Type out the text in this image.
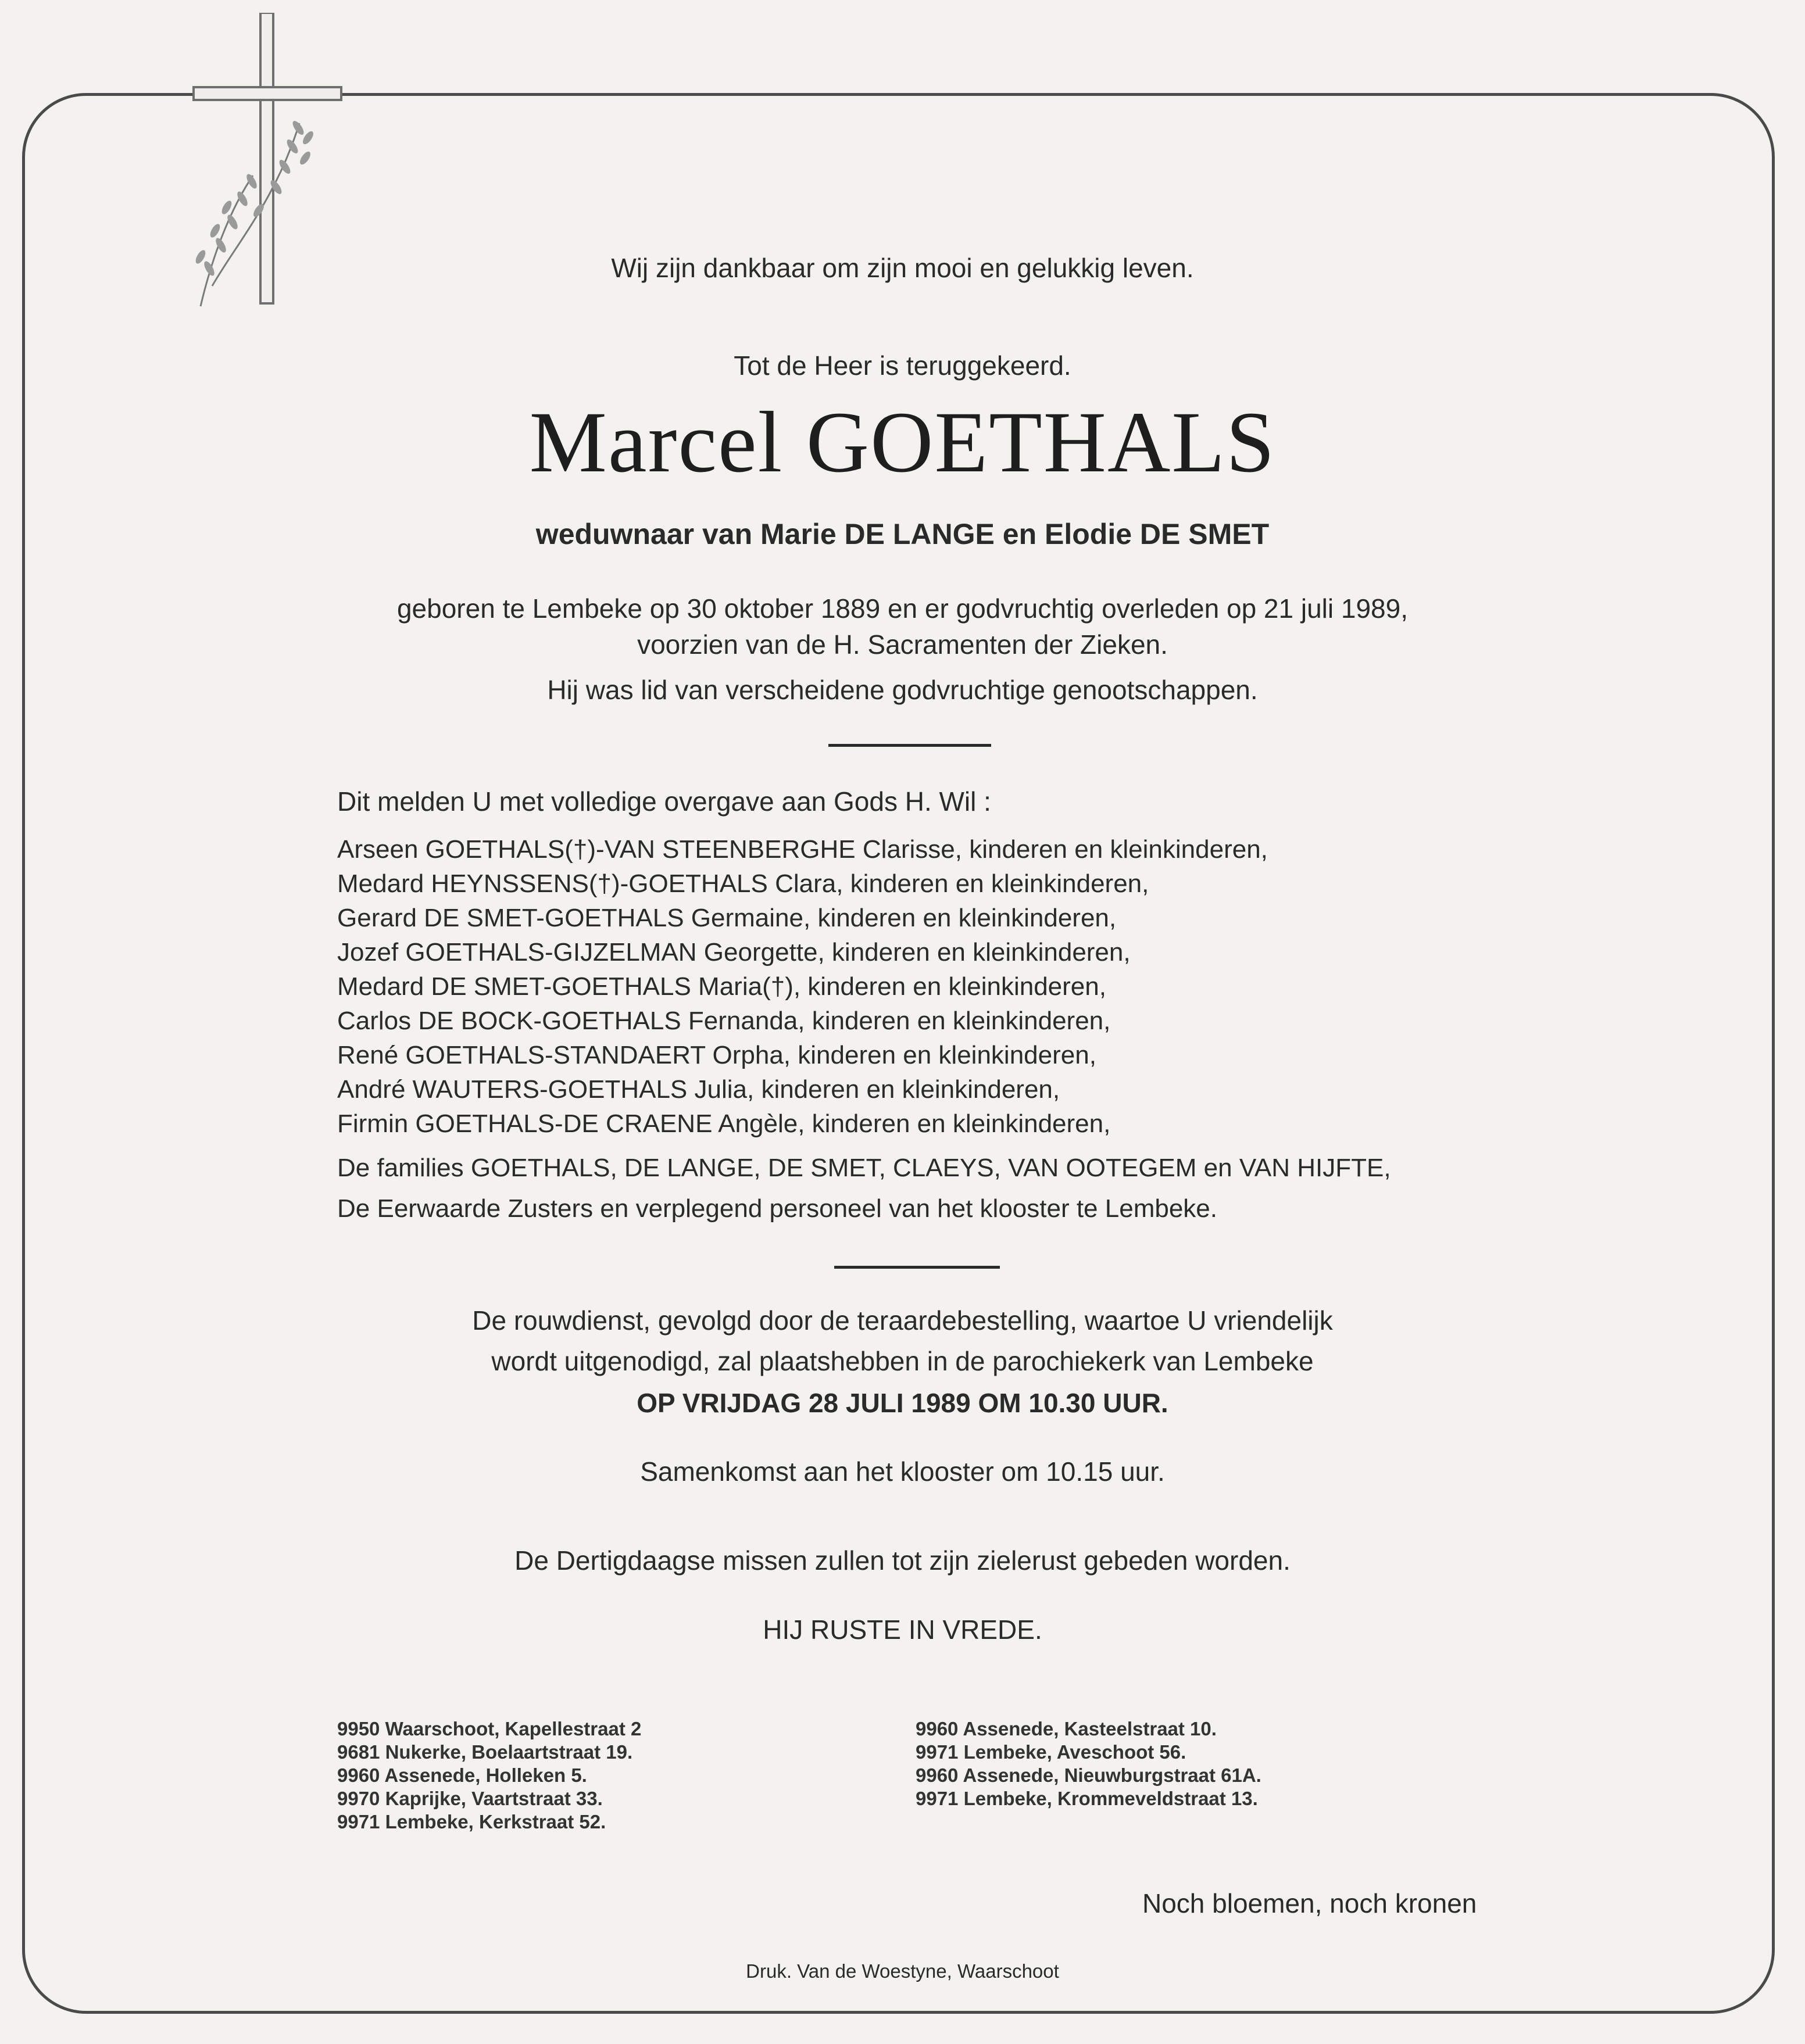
Wij zijn dankbaar om zijn mooi en gelukkig leven.
Tot de Heer is teruggekeerd.
Marcel GOETHALS
weduwnaar van Marie DE LANGE en Elodie DE SMET
geboren te Lembeke op 30 oktober 1889 en er godvruchtig overleden op 21 juli 1989,
voorzien van de H. Sacramenten der Zieken.
Hij was lid van verscheidene godvruchtige genootschappen.
Dit melden U met volledige overgave aan Gods H. Wil :
Arseen GOETHALS(†)-VAN STEENBERGHE Clarisse, kinderen en kleinkinderen,
Medard HEYNSSENS(†)-GOETHALS Clara, kinderen en kleinkinderen,
Gerard DE SMET-GOETHALS Germaine, kinderen en kleinkinderen,
Jozef GOETHALS-GIJZELMAN Georgette, kinderen en kleinkinderen,
Medard DE SMET-GOETHALS Maria(†), kinderen en kleinkinderen,
Carlos DE BOCK-GOETHALS Fernanda, kinderen en kleinkinderen,
René GOETHALS-STANDAERT Orpha, kinderen en kleinkinderen,
André WAUTERS-GOETHALS Julia, kinderen en kleinkinderen,
Firmin GOETHALS-DE CRAENE Angèle, kinderen en kleinkinderen,
De families GOETHALS, DE LANGE, DE SMET, CLAEYS, VAN OOTEGEM en VAN HIJFTE,
De Eerwaarde Zusters en verplegend personeel van het klooster te Lembeke.
De rouwdienst, gevolgd door de teraardebestelling, waartoe U vriendelijk
wordt uitgenodigd, zal plaatshebben in de parochiekerk van Lembeke
OP VRIJDAG 28 JULI 1989 OM 10.30 UUR.
Samenkomst aan het klooster om 10.15 uur.
De Dertigdaagse missen zullen tot zijn zielerust gebeden worden.
HIJ RUSTE IN VREDE.
9950 Waarschoot, Kapellestraat 2
9681 Nukerke, Boelaartstraat 19.
9960 Assenede, Holleken 5.
9970 Kaprijke, Vaartstraat 33.
9971 Lembeke, Kerkstraat 52.
9960 Assenede, Kasteelstraat 10.
9971 Lembeke, Aveschoot 56.
9960 Assenede, Nieuwburgstraat 61A.
9971 Lembeke, Krommeveldstraat 13.
Noch bloemen, noch kronen
Druk. Van de Woestyne, Waarschoot
